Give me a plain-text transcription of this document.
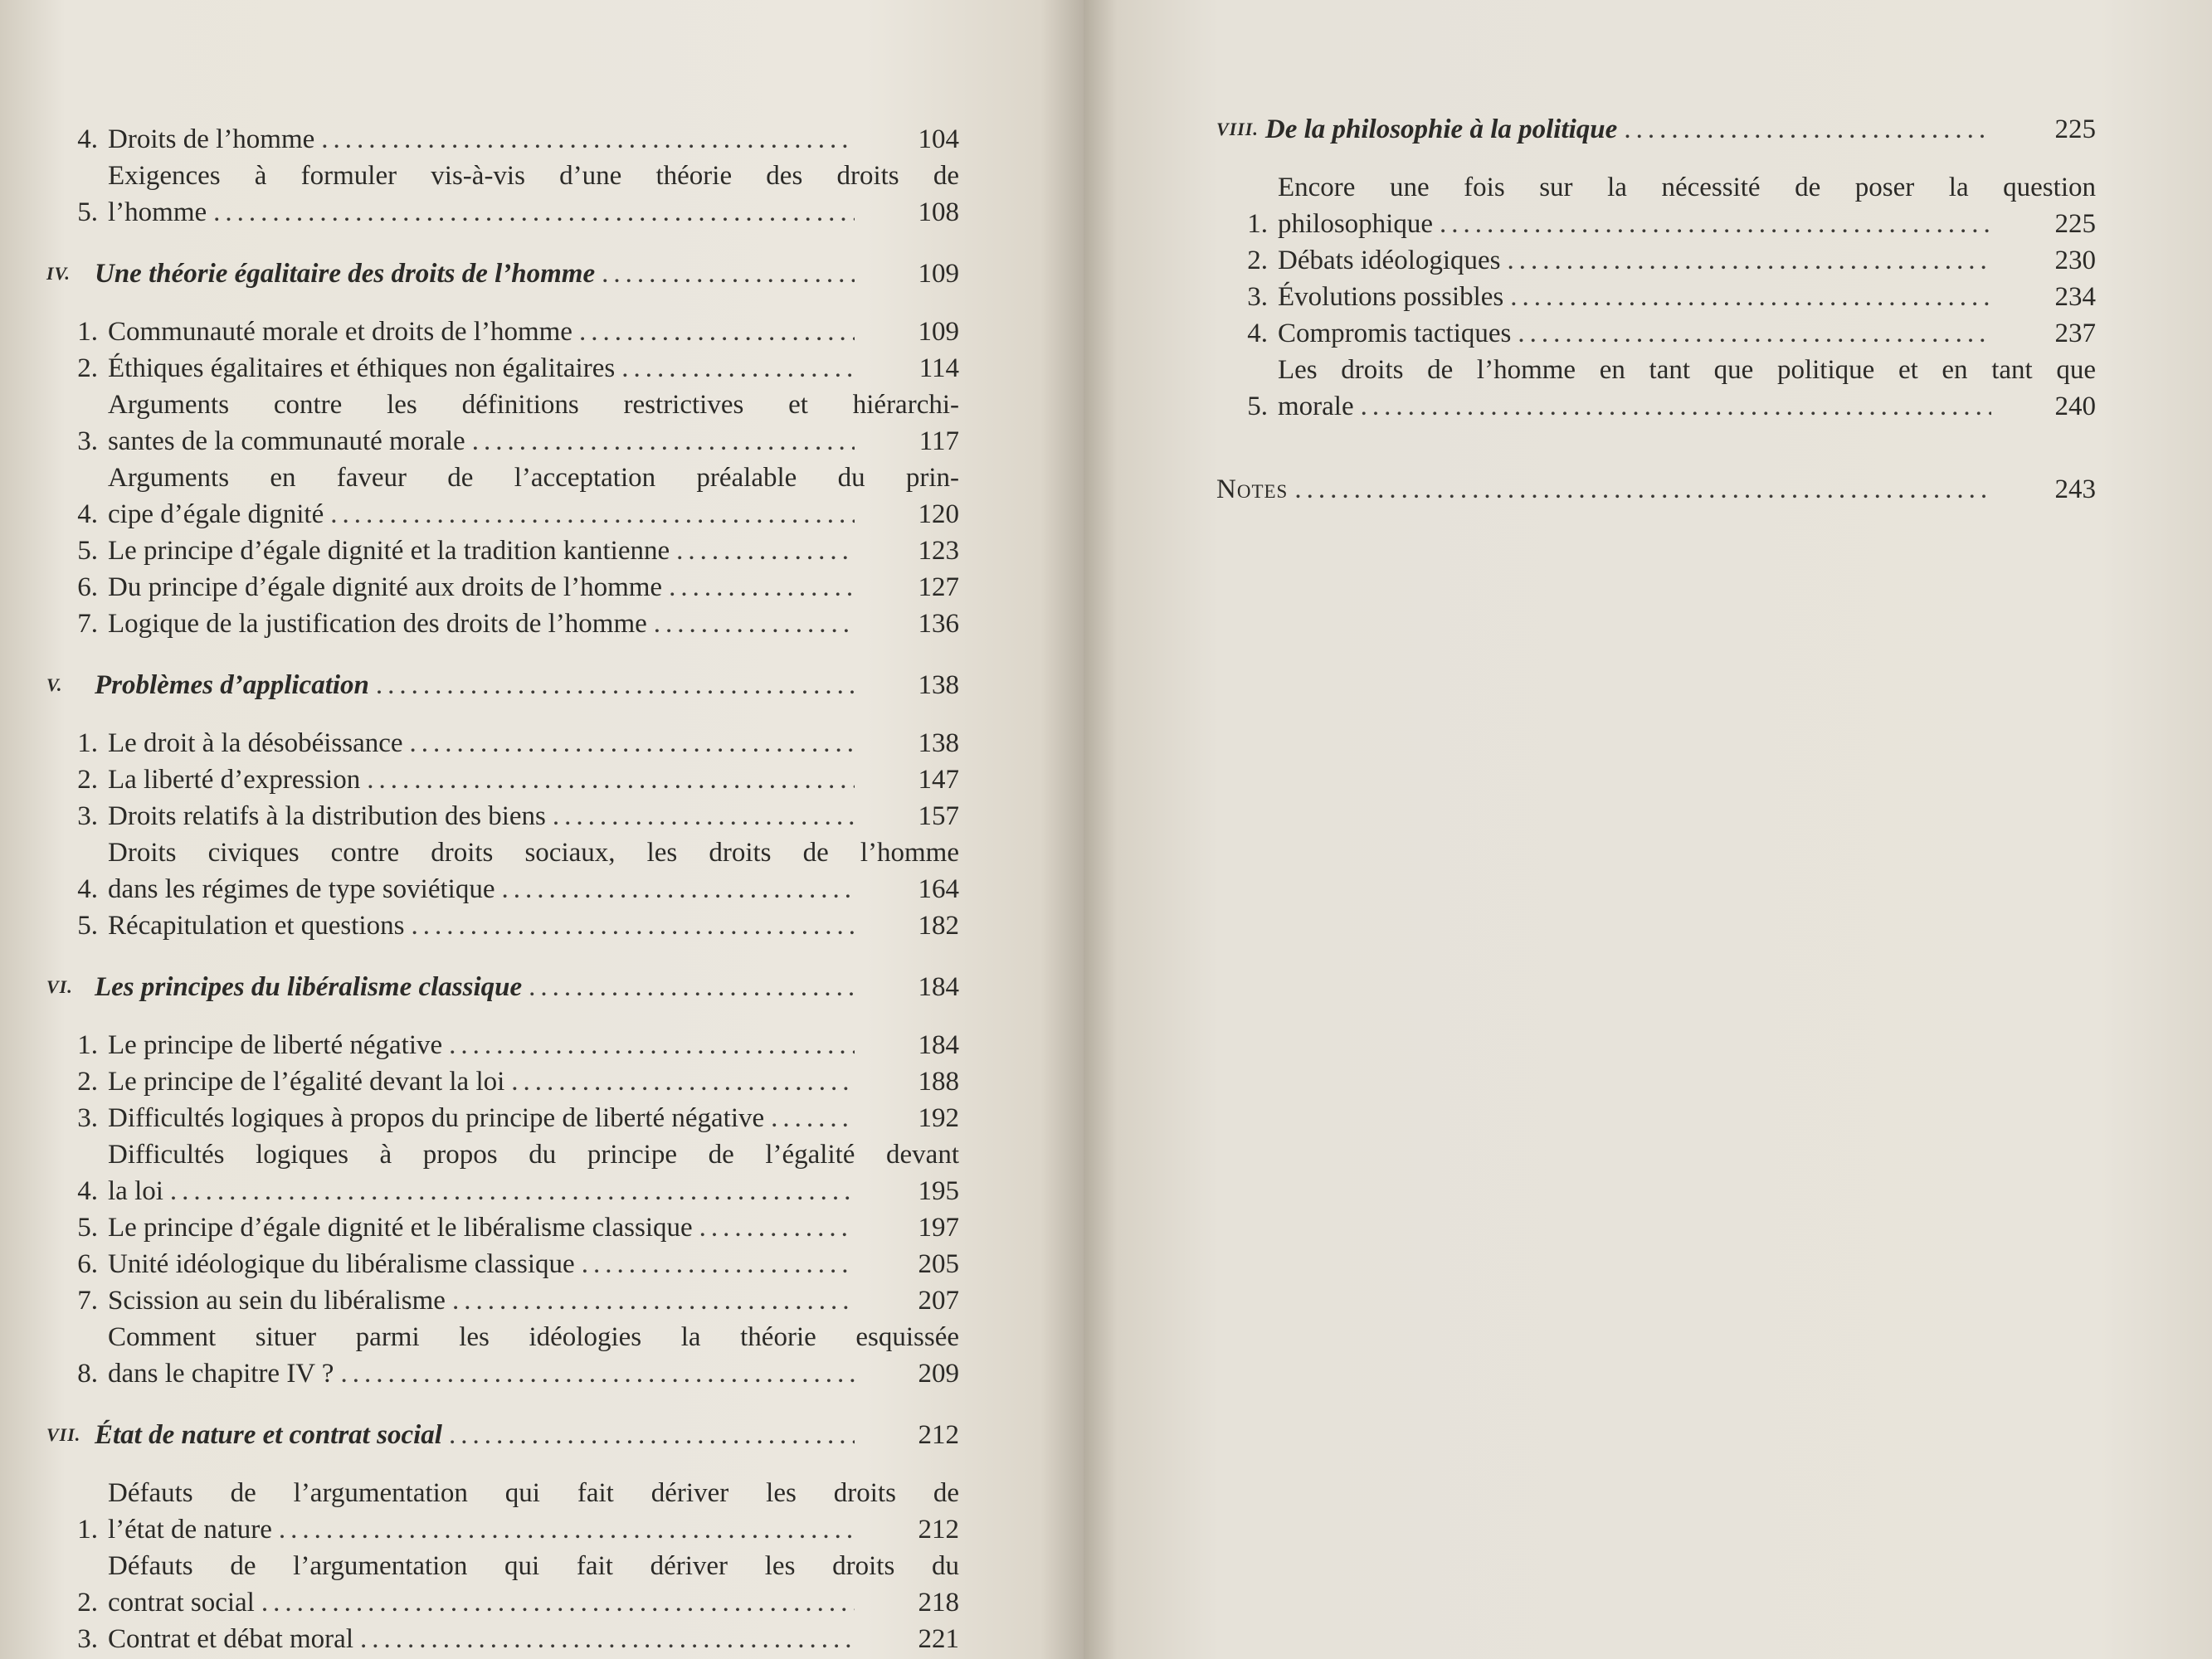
4. Droits de l’homme .....	104
5.
Exigences à formuler vis-à-vis d’une théorie des droits de
l’homme .....	108
IV. Une théorie égalitaire des droits de l’homme .....	109
1. Communauté morale et droits de l’homme .....	109
2. Éthiques égalitaires et éthiques non égalitaires .....	114
3.
Arguments contre les définitions restrictives et hiérarchi-
santes de la communauté morale .....	117
4.
Arguments en faveur de l’acceptation préalable du prin-
cipe d’égale dignité .....	120
5. Le principe d’égale dignité et la tradition kantienne .....	123
6. Du principe d’égale dignité aux droits de l’homme .....	127
7. Logique de la justification des droits de l’homme .....	136
V.	Problèmes d’application .....	138
1. Le droit à la désobéissance .....	138
2. La liberté d’expression .....	147
3. Droits relatifs à la distribution des biens .....	157
4.
Droits civiques contre droits sociaux, les droits de l’homme
dans les régimes de type soviétique .....	164
5. Récapitulation et questions .....	182
VI. Les principes du libéralisme classique .....	184
1. Le principe de liberté négative .....	184
2. Le principe de l’égalité devant la loi .....	188
3. Difficultés logiques à propos du principe de liberté négative .....	192
4.
Difficultés logiques à propos du principe de l’égalité devant
la loi .....	195
5. Le principe d’égale dignité et le libéralisme classique .....	197
6. Unité idéologique du libéralisme classique .....	205
7. Scission au sein du libéralisme .....	207
8.
Comment situer parmi les idéologies la théorie esquissée
dans le chapitre IV ? .....	209
VII. État de nature et contrat social .....	212
1.
Défauts de l’argumentation qui fait dériver les droits de
l’état de nature .....	212
2.
Défauts de l’argumentation qui fait dériver les droits du
contrat social .....	218
3. Contrat et débat moral .....	221
VIII. De la philosophie à la politique .....	225
1.
Encore une fois sur la nécessité de poser la question
philosophique .....	225
2. Débats idéologiques .....	230
3. Évolutions possibles .....	234
4. Compromis tactiques .....	237
5.
Les droits de l’homme en tant que politique et en tant que
morale .....	240
Notes .....	243
